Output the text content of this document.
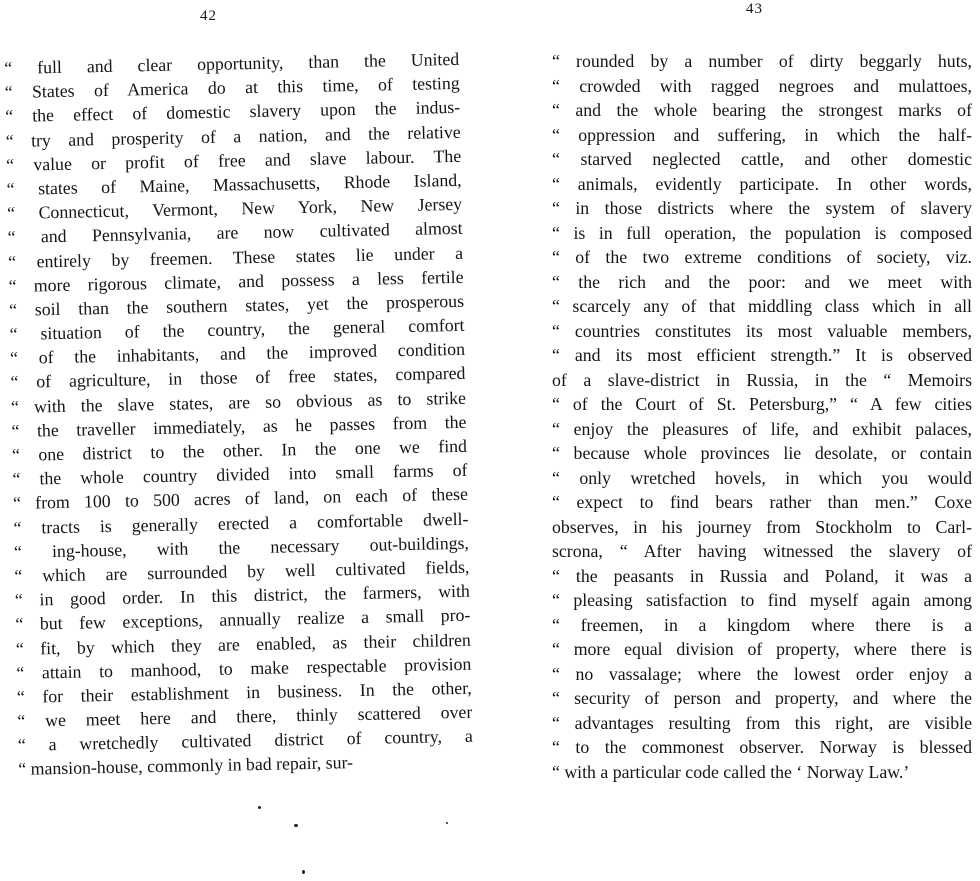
42
“ full and clear opportunity, than the United
“ States of America do at this time, of testing
“ the effect of domestic slavery upon the indus-
“ try and prosperity of a nation, and the relative
“ value or profit of free and slave labour. The
“ states of Maine, Massachusetts, Rhode Island,
“ Connecticut, Vermont, New York, New Jersey
“ and Pennsylvania, are now cultivated almost
“ entirely by freemen. These states lie under a
“ more rigorous climate, and possess a less fertile
“ soil than the southern states, yet the prosperous
“ situation of the country, the general comfort
“ of the inhabitants, and the improved condition
“ of agriculture, in those of free states, compared
“ with the slave states, are so obvious as to strike
“ the traveller immediately, as he passes from the
“ one district to the other. In the one we find
“ the whole country divided into small farms of
“ from 100 to 500 acres of land, on each of these
“ tracts is generally erected a comfortable dwell-
“ ing-house, with the necessary out-buildings,
“ which are surrounded by well cultivated fields,
“ in good order. In this district, the farmers, with
“ but few exceptions, annually realize a small pro-
“ fit, by which they are enabled, as their children
“ attain to manhood, to make respectable provision
“ for their establishment in business. In the other,
“ we meet here and there, thinly scattered over
“ a wretchedly cultivated district of country, a
“ mansion-house, commonly in bad repair, sur-
43
“ rounded by a number of dirty beggarly huts,
“ crowded with ragged negroes and mulattoes,
“ and the whole bearing the strongest marks of
“ oppression and suffering, in which the half-
“ starved neglected cattle, and other domestic
“ animals, evidently participate. In other words,
“ in those districts where the system of slavery
“ is in full operation, the population is composed
“ of the two extreme conditions of society, viz.
“ the rich and the poor: and we meet with
“ scarcely any of that middling class which in all
“ countries constitutes its most valuable members,
“ and its most efficient strength.” It is observed
of a slave-district in Russia, in the “ Memoirs
“ of the Court of St. Petersburg,” “ A few cities
“ enjoy the pleasures of life, and exhibit palaces,
“ because whole provinces lie desolate, or contain
“ only wretched hovels, in which you would
“ expect to find bears rather than men.” Coxe
observes, in his journey from Stockholm to Carl-
scrona, “ After having witnessed the slavery of
“ the peasants in Russia and Poland, it was a
“ pleasing satisfaction to find myself again among
“ freemen, in a kingdom where there is a
“ more equal division of property, where there is
“ no vassalage; where the lowest order enjoy a
“ security of person and property, and where the
“ advantages resulting from this right, are visible
“ to the commonest observer. Norway is blessed
“ with a particular code called the ‘ Norway Law.’
